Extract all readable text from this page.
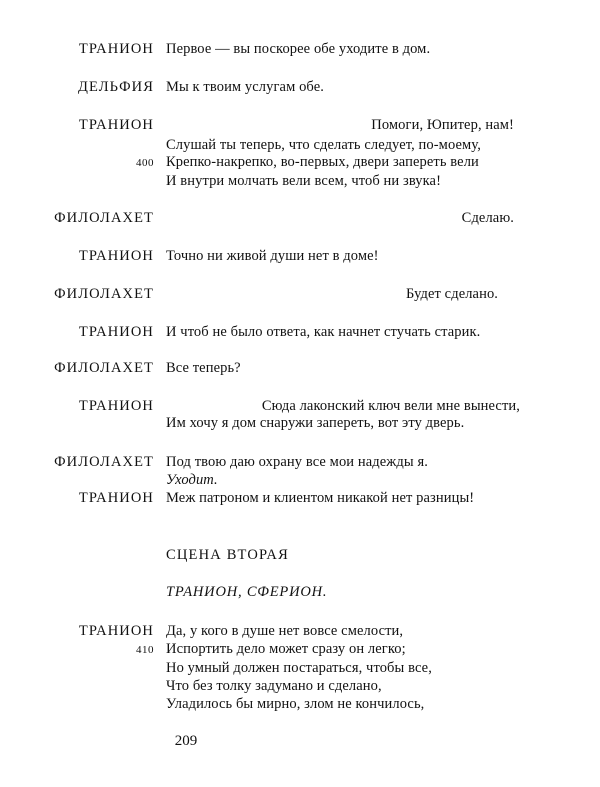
ТРАНИОН Первое — вы поскорее обе уходите в дом.
ДЕЛЬФИЯ Мы к твоим услугам обе.
ТРАНИОН	Помоги, Юпитер, нам!
Слушай ты теперь, что сделать следует, по-моему,
400 Крепко-накрепко, во-первых, двери запереть вели
И внутри молчать вели всем, чтоб ни звука!
ФИЛОЛАХЕТ	Сделаю.
ТРАНИОН Точно ни живой души нет в доме!
ФИЛОЛАХЕТ	Будет сделано.
ТРАНИОН И чтоб не было ответа, как начнет стучать старик.
ФИЛОЛАХЕТ Все теперь?
ТРАНИОН	Сюда лаконский ключ вели мне вынести,
Им хочу я дом снаружи запереть, вот эту дверь.
ФИЛОЛАХЕТ Под твою даю охрану все мои надежды я.
Уходит.
ТРАНИОН Меж патроном и клиентом никакой нет разницы!
СЦЕНА ВТОРАЯ
ТРАНИОН, СФЕРИОН.
ТРАНИОН Да, у кого в душе нет вовсе смелости,
410 Испортить дело может сразу он легко;
Но умный должен постараться, чтобы все,
Что без толку задумано и сделано,
Уладилось бы мирно, злом не кончилось,
209
